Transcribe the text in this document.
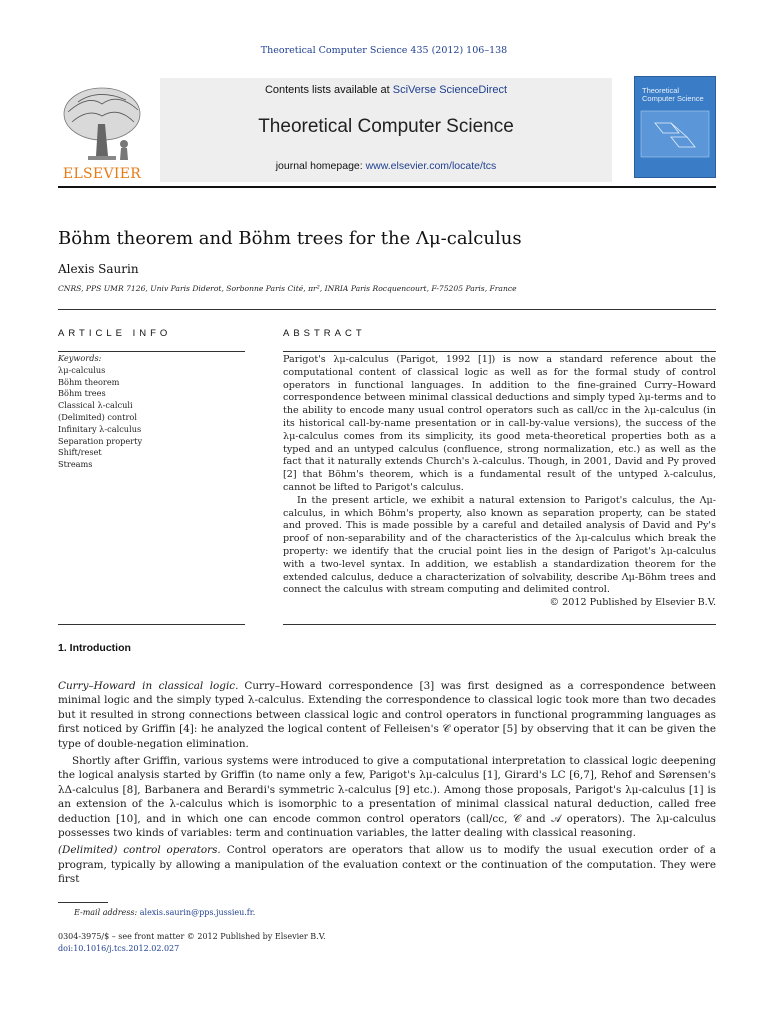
Theoretical Computer Science 435 (2012) 106–138
ELSEVIER
Contents lists available at SciVerse ScienceDirect
Theoretical Computer Science
journal homepage: www.elsevier.com/locate/tcs
Theoretical Computer Science
Böhm theorem and Böhm trees for the Λμ-calculus
Alexis Saurin
CNRS, PPS UMR 7126, Univ Paris Diderot, Sorbonne Paris Cité, πr², INRIA Paris Rocquencourt, F-75205 Paris, France
ARTICLE INFO	ABSTRACT
Keywords:
λμ-calculus
Böhm theorem
Böhm trees
Classical λ-calculi
(Delimited) control
Infinitary λ-calculus
Separation property
Shift/reset
Streams

Parigot's λμ-calculus (Parigot, 1992 [1]) is now a standard reference about the computational content of classical logic as well as for the formal study of control operators in functional languages. In addition to the fine-grained Curry–Howard correspondence between minimal classical deductions and simply typed λμ-terms and to the ability to encode many usual control operators such as call/cc in the λμ-calculus (in its historical call-by-name presentation or in call-by-value versions), the success of the λμ-calculus comes from its simplicity, its good meta-theoretical properties both as a typed and an untyped calculus (confluence, strong normalization, etc.) as well as the fact that it naturally extends Church's λ-calculus. Though, in 2001, David and Py proved [2] that Böhm's theorem, which is a fundamental result of the untyped λ-calculus, cannot be lifted to Parigot's calculus.

In the present article, we exhibit a natural extension to Parigot's calculus, the Λμ-calculus, in which Böhm's property, also known as separation property, can be stated and proved. This is made possible by a careful and detailed analysis of David and Py's proof of non-separability and of the characteristics of the λμ-calculus which break the property: we identify that the crucial point lies in the design of Parigot's λμ-calculus with a two-level syntax. In addition, we establish a standardization theorem for the extended calculus, deduce a characterization of solvability, describe Λμ-Böhm trees and connect the calculus with stream computing and delimited control.

© 2012 Published by Elsevier B.V.
1. Introduction

Curry–Howard in classical logic. Curry–Howard correspondence [3] was first designed as a correspondence between minimal logic and the simply typed λ-calculus. Extending the correspondence to classical logic took more than two decades but it resulted in strong connections between classical logic and control operators in functional programming languages as first noticed by Griffin [4]: he analyzed the logical content of Felleisen's 𝒞 operator [5] by observing that it can be given the type of double-negation elimination.

Shortly after Griffin, various systems were introduced to give a computational interpretation to classical logic deepening the logical analysis started by Griffin (to name only a few, Parigot's λμ-calculus [1], Girard's LC [6,7], Rehof and Sørensen's λΔ-calculus [8], Barbanera and Berardi's symmetric λ-calculus [9] etc.). Among those proposals, Parigot's λμ-calculus [1] is an extension of the λ-calculus which is isomorphic to a presentation of minimal classical natural deduction, called free deduction [10], and in which one can encode common control operators (call/cc, 𝒞 and 𝒜 operators). The λμ-calculus possesses two kinds of variables: term and continuation variables, the latter dealing with classical reasoning.

(Delimited) control operators. Control operators are operators that allow us to modify the usual execution order of a program, typically by allowing a manipulation of the evaluation context or the continuation of the computation. They were first

E-mail address: alexis.saurin@pps.jussieu.fr.
0304-3975/$ – see front matter © 2012 Published by Elsevier B.V.
doi:10.1016/j.tcs.2012.02.027
